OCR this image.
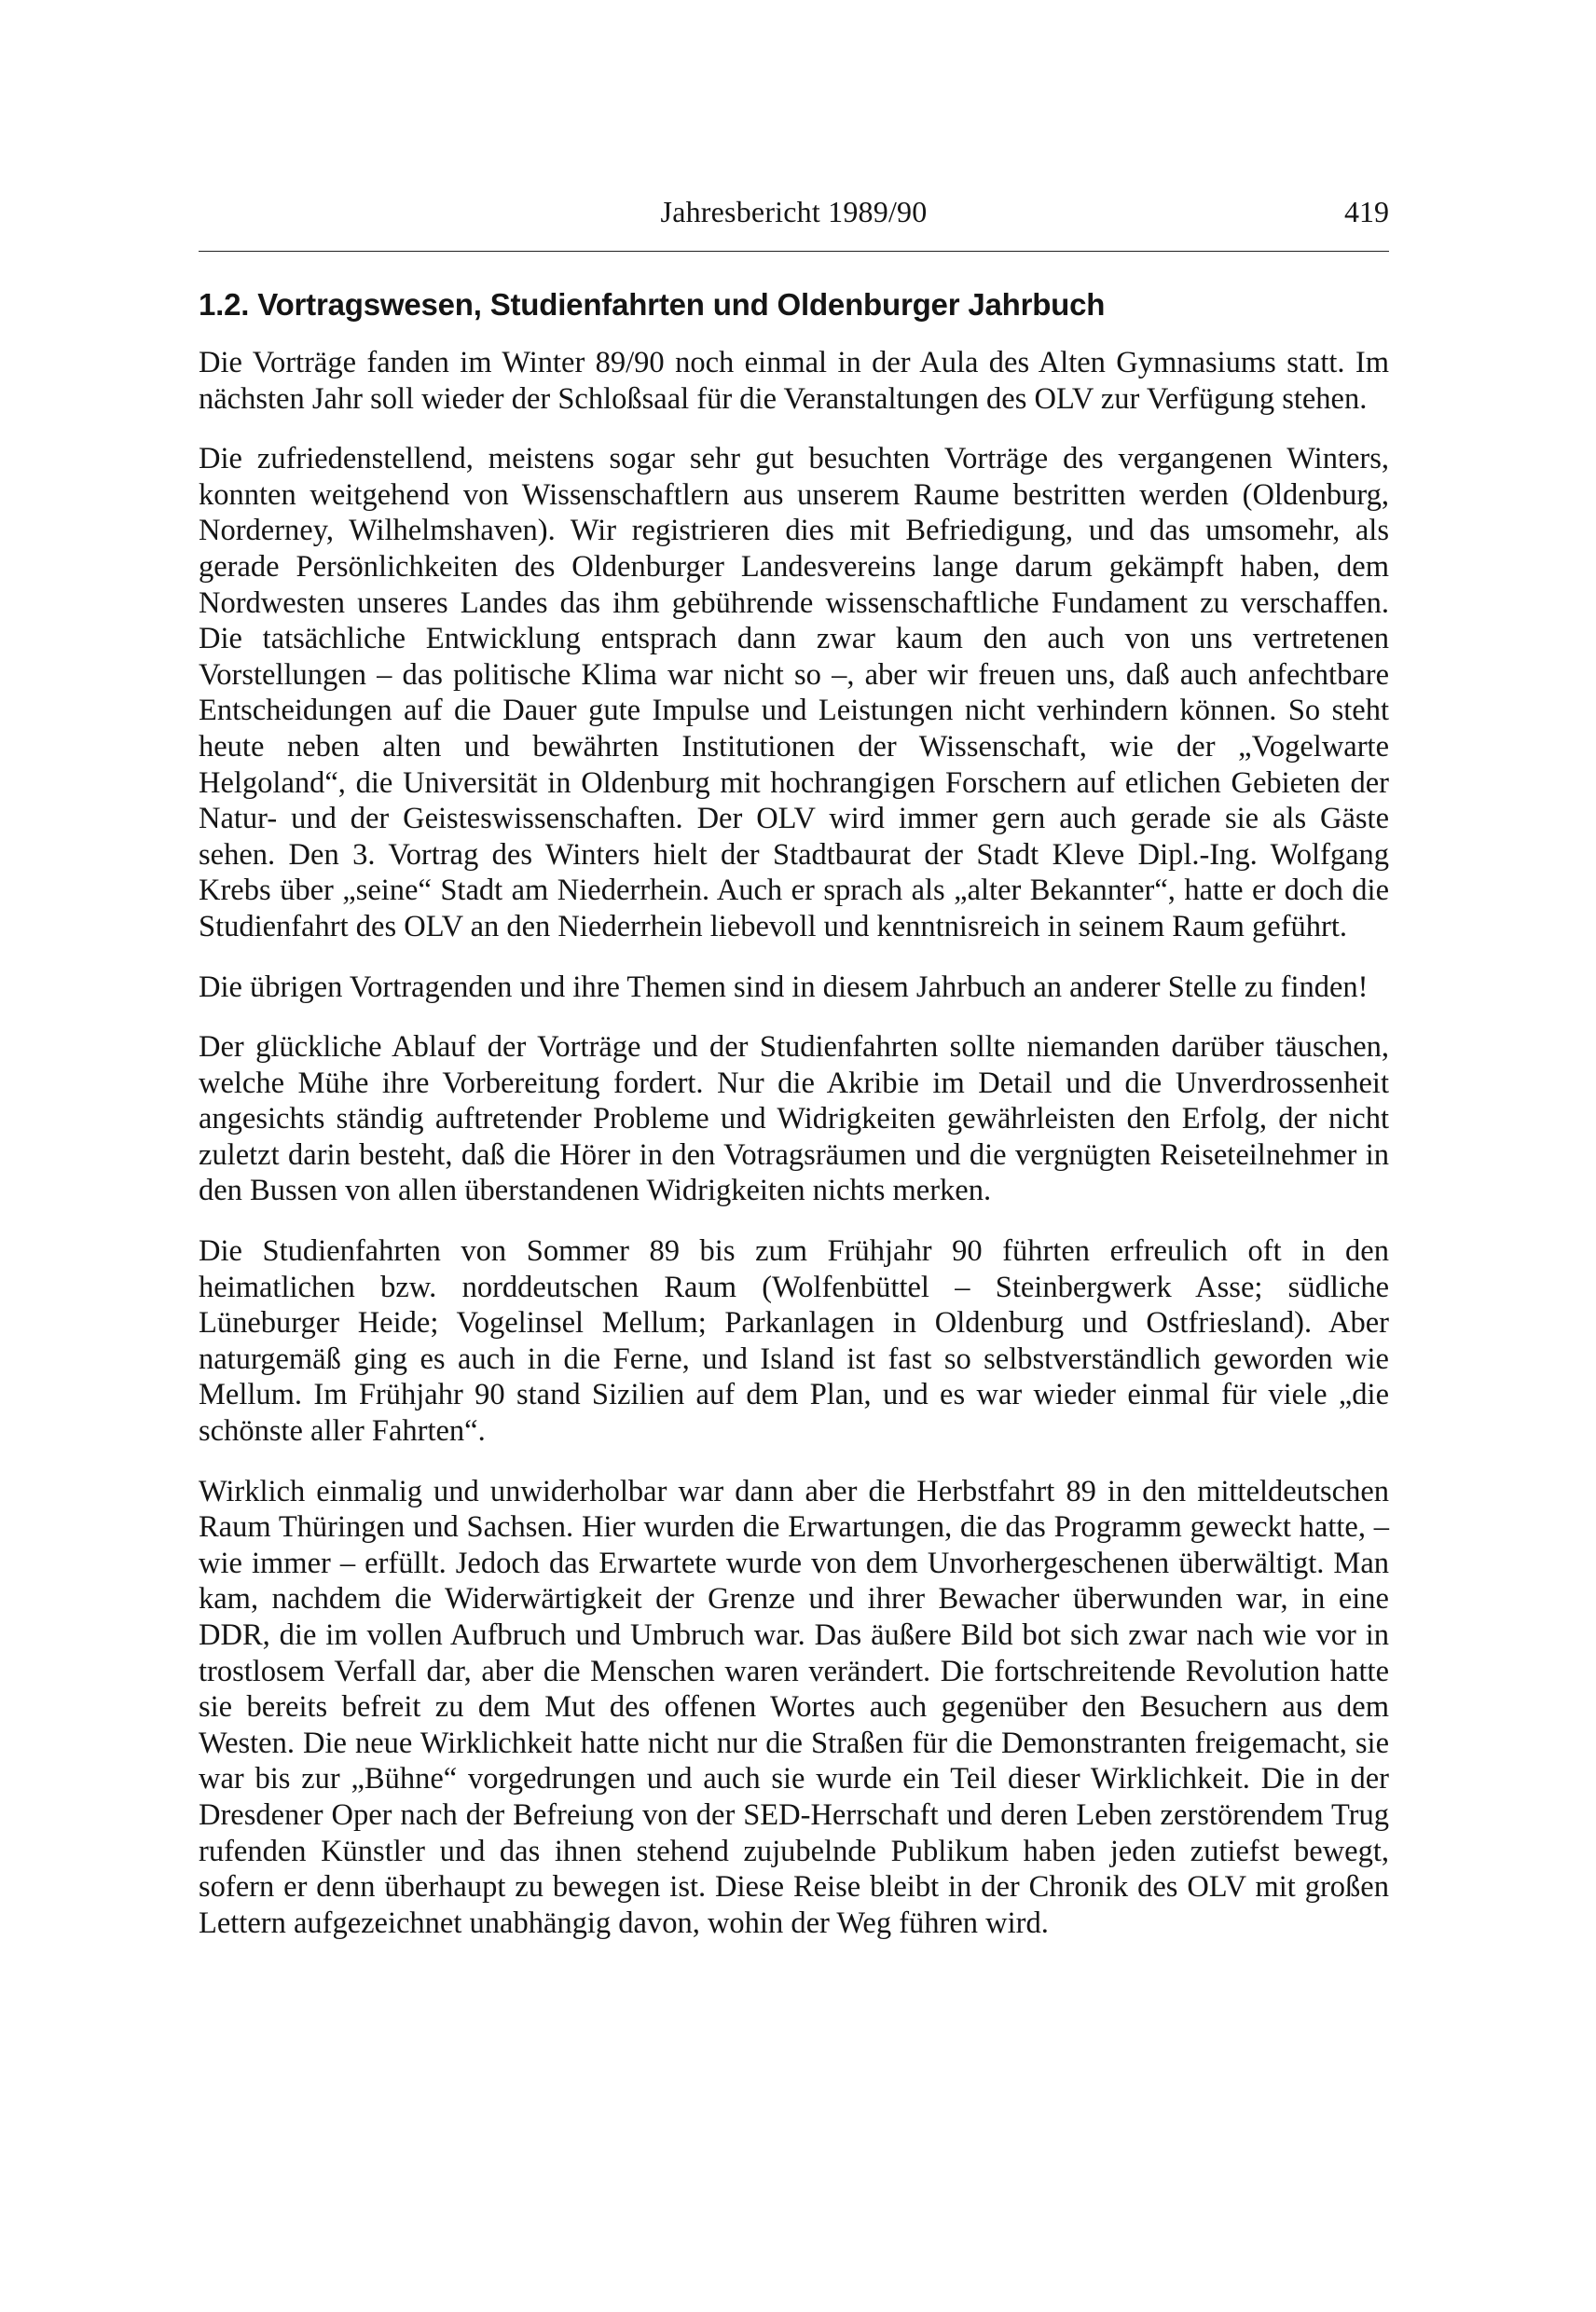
Jahresbericht 1989/90	419
1.2. Vortragswesen, Studienfahrten und Oldenburger Jahrbuch

Die Vorträge fanden im Winter 89/90 noch einmal in der Aula des Alten Gymnasiums statt. Im nächsten Jahr soll wieder der Schloßsaal für die Veranstaltungen des OLV zur Verfügung stehen.

Die zufriedenstellend, meistens sogar sehr gut besuchten Vorträge des vergangenen Winters, konnten weitgehend von Wissenschaftlern aus unserem Raume bestritten werden (Oldenburg, Norderney, Wilhelmshaven). Wir registrieren dies mit Befriedigung, und das umsomehr, als gerade Persönlichkeiten des Oldenburger Landesvereins lange darum gekämpft haben, dem Nordwesten unseres Landes das ihm gebührende wissenschaftliche Fundament zu verschaffen. Die tatsächliche Entwicklung entsprach dann zwar kaum den auch von uns vertretenen Vorstellungen – das politische Klima war nicht so –, aber wir freuen uns, daß auch anfechtbare Entscheidungen auf die Dauer gute Impulse und Leistungen nicht verhindern können. So steht heute neben alten und bewährten Institutionen der Wissenschaft, wie der „Vogelwarte Helgoland“, die Universität in Oldenburg mit hochrangigen Forschern auf etlichen Gebieten der Natur- und der Geisteswissenschaften. Der OLV wird immer gern auch gerade sie als Gäste sehen. Den 3. Vortrag des Winters hielt der Stadtbaurat der Stadt Kleve Dipl.-Ing. Wolfgang Krebs über „seine“ Stadt am Niederrhein. Auch er sprach als „alter Bekannter“, hatte er doch die Studienfahrt des OLV an den Niederrhein liebevoll und kenntnisreich in seinem Raum geführt.

Die übrigen Vortragenden und ihre Themen sind in diesem Jahrbuch an anderer Stelle zu finden!

Der glückliche Ablauf der Vorträge und der Studienfahrten sollte niemanden darüber täuschen, welche Mühe ihre Vorbereitung fordert. Nur die Akribie im Detail und die Unverdrossenheit angesichts ständig auftretender Probleme und Widrigkeiten gewährleisten den Erfolg, der nicht zuletzt darin besteht, daß die Hörer in den Votragsräumen und die vergnügten Reiseteilnehmer in den Bussen von allen überstandenen Widrigkeiten nichts merken.

Die Studienfahrten von Sommer 89 bis zum Frühjahr 90 führten erfreulich oft in den heimatlichen bzw. norddeutschen Raum (Wolfenbüttel – Steinbergwerk Asse; südliche Lüneburger Heide; Vogelinsel Mellum; Parkanlagen in Oldenburg und Ostfriesland). Aber naturgemäß ging es auch in die Ferne, und Island ist fast so selbstverständlich geworden wie Mellum. Im Frühjahr 90 stand Sizilien auf dem Plan, und es war wieder einmal für viele „die schönste aller Fahrten“.

Wirklich einmalig und unwiderholbar war dann aber die Herbstfahrt 89 in den mitteldeutschen Raum Thüringen und Sachsen. Hier wurden die Erwartungen, die das Programm geweckt hatte, – wie immer – erfüllt. Jedoch das Erwartete wurde von dem Unvorhergeschenen überwältigt. Man kam, nachdem die Widerwärtigkeit der Grenze und ihrer Bewacher überwunden war, in eine DDR, die im vollen Aufbruch und Umbruch war. Das äußere Bild bot sich zwar nach wie vor in trostlosem Verfall dar, aber die Menschen waren verändert. Die fortschreitende Revolution hatte sie bereits befreit zu dem Mut des offenen Wortes auch gegenüber den Besuchern aus dem Westen. Die neue Wirklichkeit hatte nicht nur die Straßen für die Demonstranten freigemacht, sie war bis zur „Bühne“ vorgedrungen und auch sie wurde ein Teil dieser Wirklichkeit. Die in der Dresdener Oper nach der Befreiung von der SED-Herrschaft und deren Leben zerstörendem Trug rufenden Künstler und das ihnen stehend zujubelnde Publikum haben jeden zutiefst bewegt, sofern er denn überhaupt zu bewegen ist. Diese Reise bleibt in der Chronik des OLV mit großen Lettern aufgezeichnet unabhängig davon, wohin der Weg führen wird.
